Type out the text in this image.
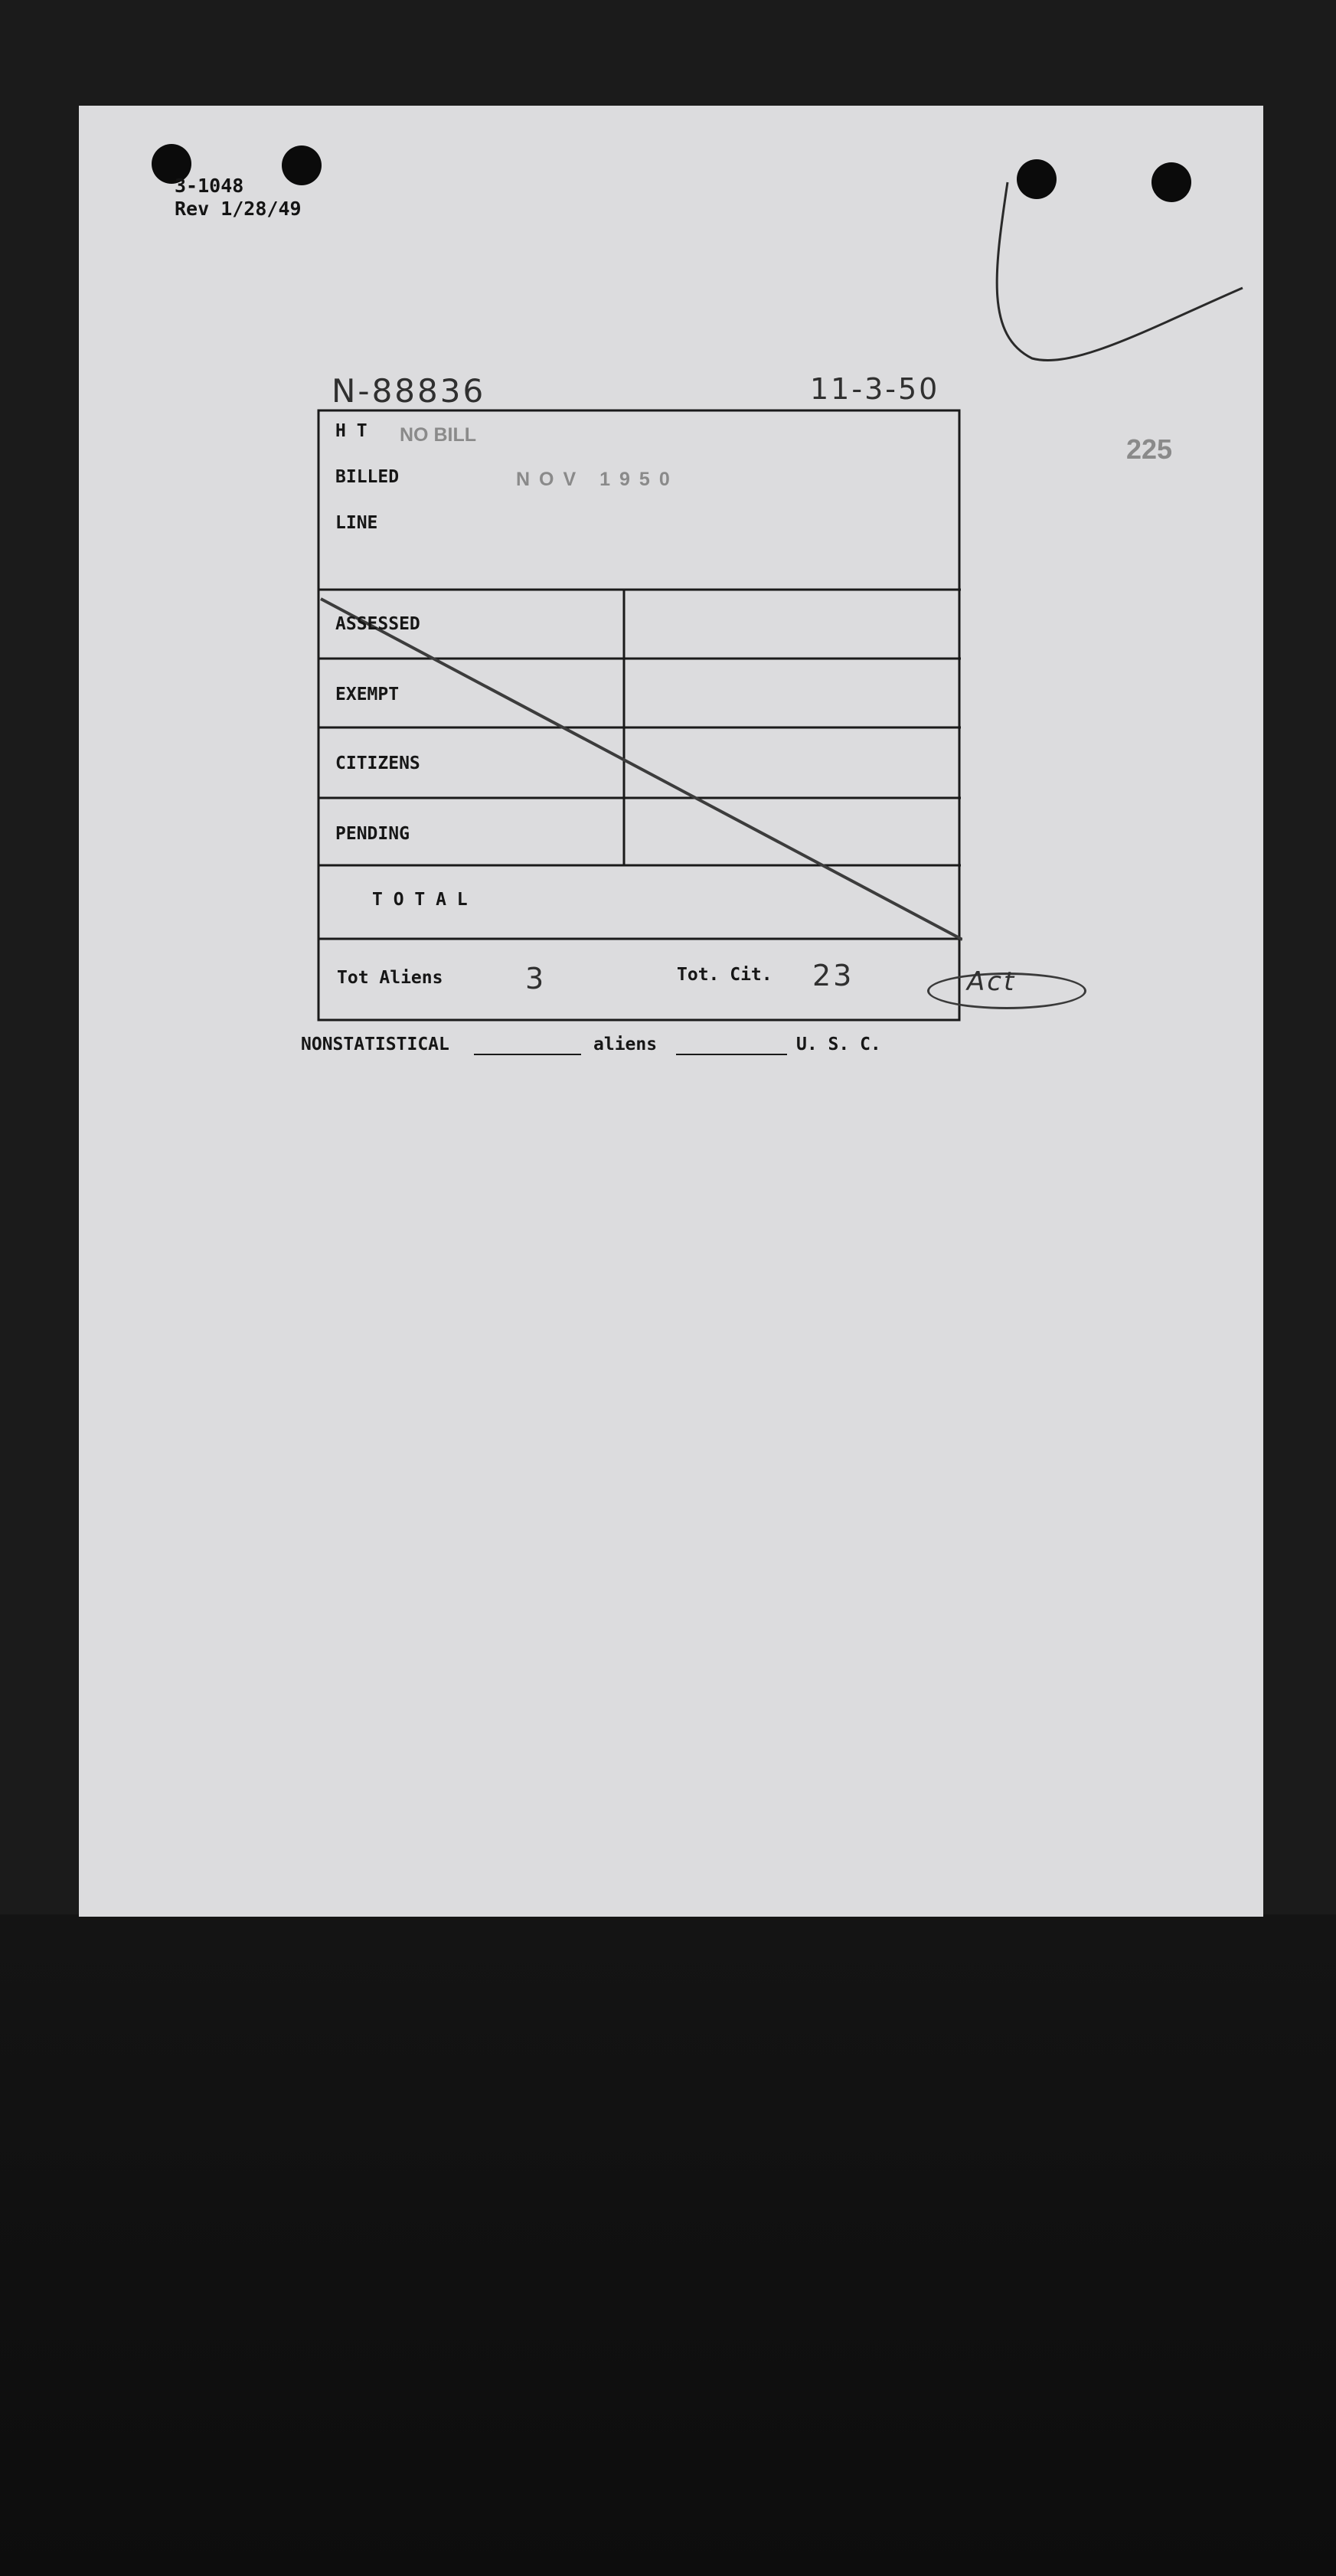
3-1048
Rev 1/28/49
N-88836	11-3-50
225
H T
BILLED
LINE
NO BILL
NOV 1950
ASSESSED
EXEMPT
CITIZENS
PENDING
T O T A L
Tot Aliens	3	Tot. Cit. 23	Act
NONSTATISTICAL	aliens	U. S. C.
